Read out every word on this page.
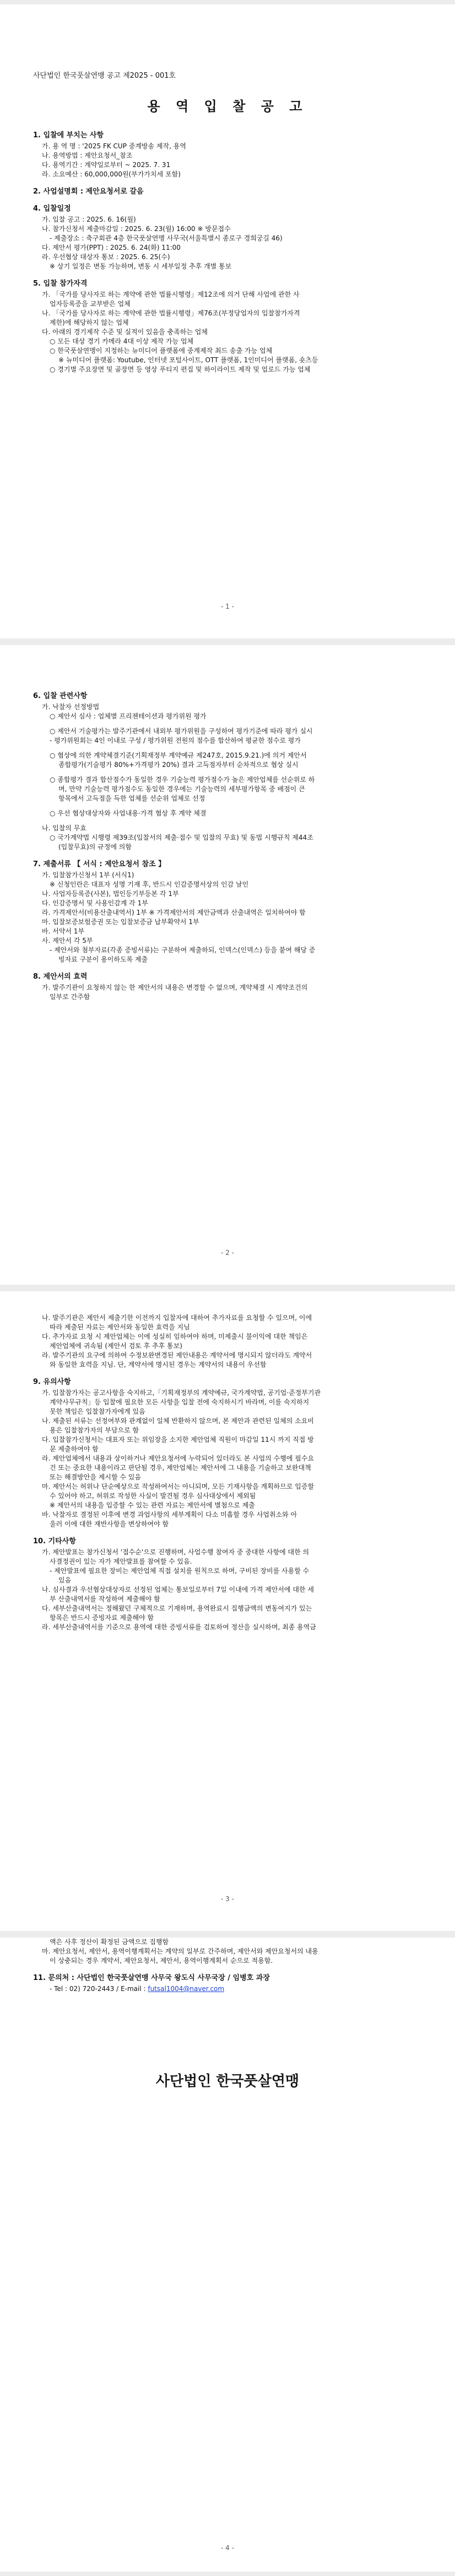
사단법인 한국풋살연맹 공고 제2025 - 001호
용 역 입 찰 공 고
1. 입찰에 부치는 사항
가. 용 역 명 : '2025 FK CUP 중계방송 제작, 용역
나. 용역방법 : 제안요청서_참조
다. 용역기간 : 계약일로부터 ~ 2025. 7. 31
라. 소요예산 : 60,000,000원(부가가치세 포함)
2. 사업설명회 : 제안요청서로 갈음
4. 입찰일정
가. 입찰 공고 : 2025. 6. 16(월)
나. 참가신청서 제출마감일 : 2025. 6. 23(월) 16:00 ※ 방문접수
- 제출장소 : 축구회관 4층 한국풋살연맹 사무국(서울특별시 종로구 경희궁길 46)
다. 제안서 평가(PPT) : 2025. 6. 24(화) 11:00
라. 우선협상 대상자 통보 : 2025. 6. 25(수)
※ 상기 일정은 변동 가능하며, 변동 시 세부일정 추후 개별 통보
5. 입찰 참가자격
가. 「국가를 당사자로 하는 계약에 관한 법률시행령」제12조에 의거 단해 사업에 관한 사
업자등록증을 교부받은 업체
나. 「국가를 당사자로 하는 계약에 관한 법률시행령」제76조(부정당업자의 입찰참가자격
제한)에 해당하지 않는 업체
다. 아래의 경기제작 수준 및 실적이 있음을 충족하는 업체
○ 모든 대상 경기 카메라 4대 이상 제작 가능 업체
○ 한국풋살연맹이 지정하는 뉴미디어 플랫폼에 중계제작 최드 송출 가능 업체
※ 뉴미디어 플랫폼: Youtube, 인터넷 포털사이트, OTT 플랫폼, 1인미디어 플랫폼, 숏츠등
○ 경기별 주요장면 및 골장면 등 영상 푸티지 편집 및 하이라이트 제작 및 업로드 가능 업체
- 1 -
6. 입찰 관련사항
가. 낙찰자 선정방법
○ 제안서 심사 : 업체별 프리젠테이션과 평가위원 평가
○ 제안서 기술평가는 발주기관에서 내외부 평가위원을 구성하여 평가기준에 따라 평가 실시
- 평가위원회는 4인 이내로 구성 / 평가위원 전원의 점수를 합산하여 평균한 점수로 평가
○ 협상에 의한 계약체결기준(기획재정부 계약예규 제247호, 2015.9.21.)에 의거 제안서
종합평가(기술평가 80%+가격평가 20%) 결과 고득점자부터 순차적으로 협상 실시
○ 종합평가 결과 합산점수가 동일한 경우 기술능력 평가점수가 높은 제안업체를 선순위로 하
며, 만약 기술능력 평가점수도 동일한 경우에는 기술능력의 세부평가항목 중 배점이 큰
항목에서 고득점을 득한 업체를 선순위 업체로 선정
○ 우선 협상대상자와 사업내용·가격 협상 후 계약 체결
나. 입찰의 무효
○ 국가계약법 시행령 제39조(입찰서의 제출·접수 및 입찰의 무효) 및 동법 시행규칙 제44조
(입찰무효)의 규정에 의함
7. 제출서류 【 서식 : 제안요청서 참조 】
가. 입찰참가신청서 1부 (서식1)
※ 신청인란은 대표자 성명 기재 후, 반드시 인감증명서상의 인감 날인
나. 사업자등록증(사본), 법인등기부등본 각 1부
다. 인감증명서 및 사용인감계 각 1부
라. 가격제안서(비용산출내역서) 1부 ※ 가격제안서의 제안금액과 산출내역은 일치하여야 함
마. 입찰보증보험증권 또는 입찰보증금 납부확약서 1부
바. 서약서 1부
사. 제안서 각 5부
- 제안서와 첨부자료(각종 증빙서류)는 구분하여 제출하되, 인덱스(인덱스) 등을 붙여 해당 증
빙자료 구분이 용이하도록 제출
8. 제안서의 효력
가. 발주기관이 요청하지 않는 한 제안서의 내용은 변경할 수 없으며, 계약체결 시 계약조건의
일부로 간주함
- 2 -
나. 발주기관은 제안서 제출기한 이전까지 입찰자에 대하여 추가자료를 요청할 수 있으며, 이에
따라 제출된 자료는 제안서와 동일한 효력을 지님
다. 추가자료 요청 시 제안업체는 이에 성실히 임하여야 하며, 미제출시 불이익에 대한 책임은
제안업체에 귀속됨 (제안서 검토 후 추후 통보)
라. 발주기관의 요구에 의하여 수정보완변경된 제안내용은 계약서에 명시되지 않더라도 계약서
와 동일한 효력을 지님. 단, 계약서에 명시된 경우는 계약서의 내용이 우선함
9. 유의사항
가. 입찰참가자는 공고사항을 숙지하고,「기획재정부의 계약예규, 국가계약법, 공기업·준정부기관
계약사무규칙」등 입찰에 필요한 모든 사항을 입찰 전에 숙지하시기 바라며, 이를 숙지하지
못한 책임은 입찰참가자에게 있음
나. 제출된 서류는 선정여부와 관계없이 일체 반환하지 않으며, 본 제안과 관련된 일체의 소요비
용은 입찰참가자의 부담으로 함
다. 입찰참가신청서는 대표자 또는 위임장을 소지한 제안업체 직원이 마감일 11시 까지 직접 방
문 제출하여야 함
라. 제안업체에서 내용과 상이하거나 제안요청서에 누락되어 있더라도 본 사업의 수행에 필수요
건 또는 중요한 내용이라고 판단될 경우, 제안업체는 제안서에 그 내용을 기술하고 보완대책
또는 해결방안을 제시할 수 있음
마. 제안서는 허위나 단순예상으로 작성하여서는 아니되며, 모든 기재사항을 계획하므로 입증할
수 있어야 하고, 허위로 작성한 사실이 발견될 경우 심사대상에서 제외됨
※ 제안서의 내용을 입증할 수 있는 관련 자료는 제안서에 별첨으로 제출
바. 낙찰자로 결정된 이후에 변경 과업사항의 세부계획이 다소 미흡할 경우 사업취소와 아
울러 이에 대한 재반사항을 변상하여야 함
10. 기타사항
가. 제안발표는 참가신청서 '접수순'으로 진행하며, 사업수행 참여자 중 중대한 사항에 대한 의
사결정권이 있는 자가 제안발표를 참여할 수 있음.
- 제안발표에 필요한 장비는 제안업체 직접 설치를 원칙으로 하며, 구비된 장비를 사용할 수
있음
나. 심사결과 우선협상대상자로 선정된 업체는 통보일로부터 7일 이내에 가격 제안서에 대한 세
부 산출내역서를 작성하여 제출해야 함
다. 세부산출내역서는 정해왔던 구체적으로 기재하며, 용역완료시 집행금액의 변동여지가 있는
항목은 반드시 증빙자료 제출해야 함
라. 세부산출내역서를 기준으로 용역에 대한 증빙서류를 검토하여 정산을 실시하며, 최종 용역금
- 3 -
액은 사후 정산이 확정된 금액으로 집행함
마. 제안요청서, 제안서, 용역이행계획서는 계약의 일부로 간주하며, 제안서와 제안요청서의 내용
이 상충되는 경우 계약서, 제안요청서, 제안서, 용역이행계획서 순으로 적용함.
11. 문의처 : 사단법인 한국풋살연맹 사무국 왕도식 사무국장 / 임병호 과장
- Tel : 02) 720-2443 / E-mail : futsal1004@naver.com
사단법인 한국풋살연맹
- 4 -
